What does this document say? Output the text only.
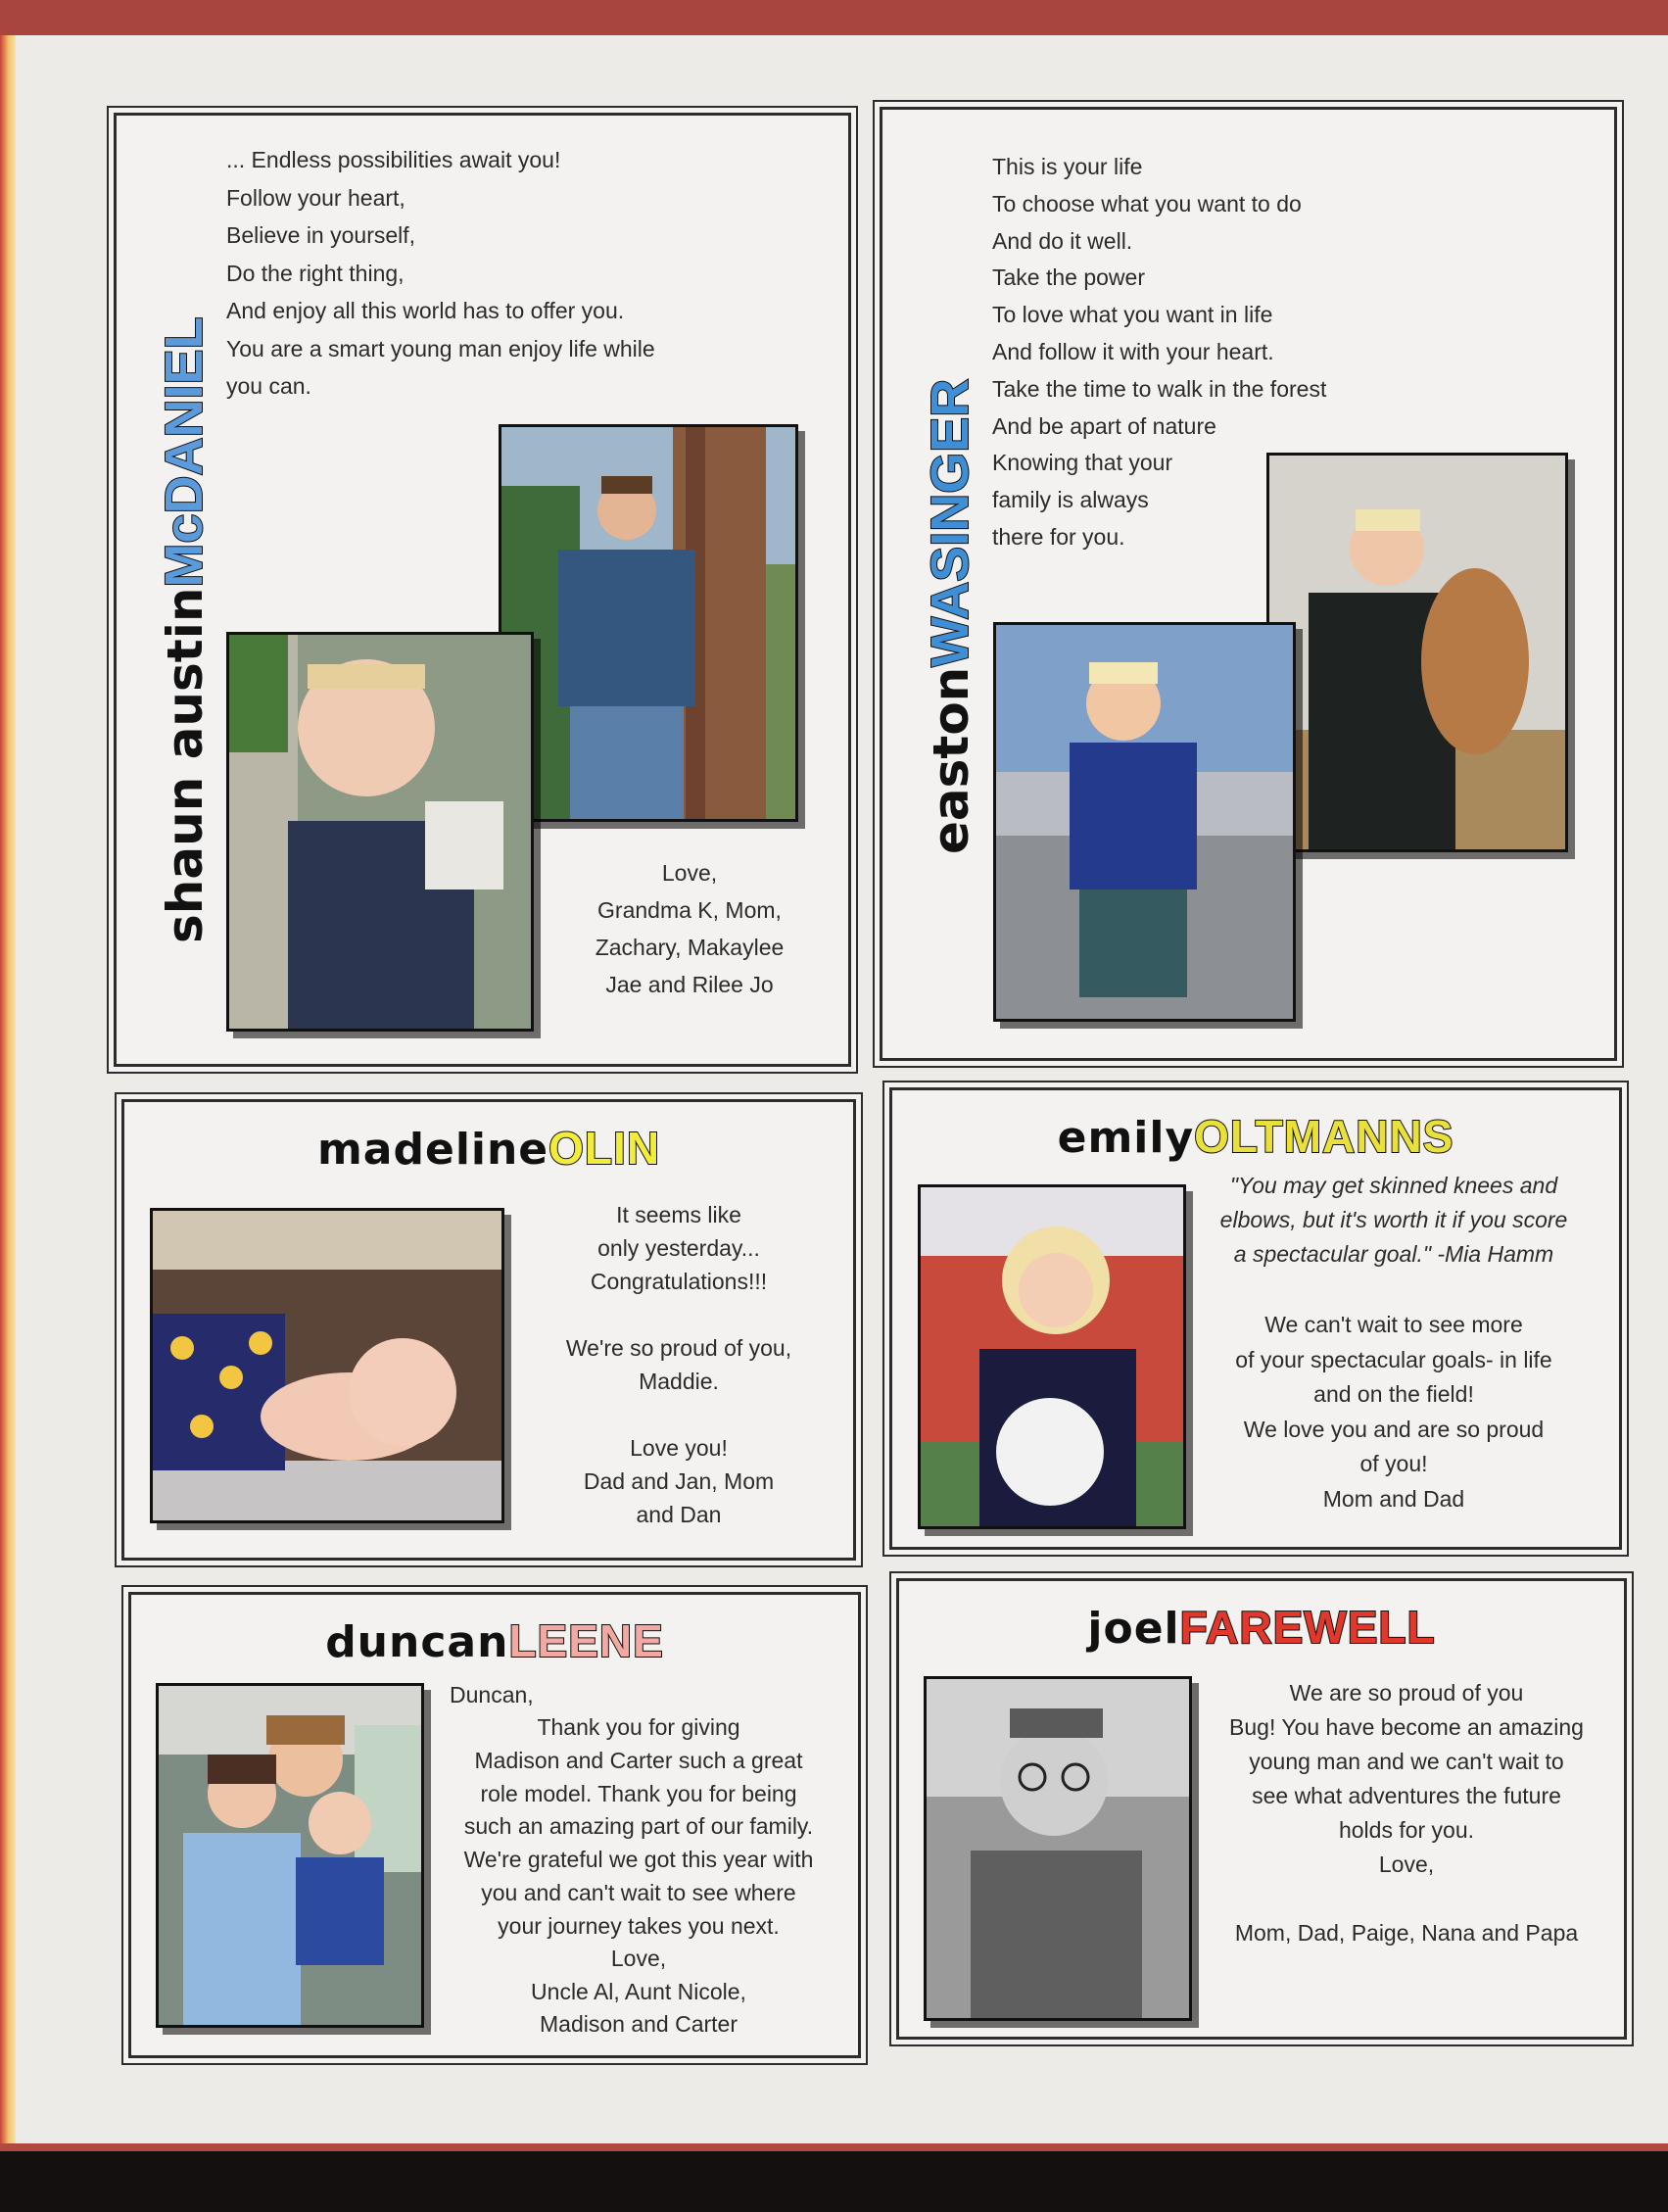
shaun austinMcDANIEL
... Endless possibilities await you!
Follow your heart,
Believe in yourself,
Do the right thing,
And enjoy all this world has to offer you.
You are a smart young man enjoy life while
you can.
Love,
Grandma K, Mom,
Zachary, Makaylee
Jae and Rilee Jo
eastonWASINGER
This is your life
To choose what you want to do
And do it well.
Take the power
To love what you want in life
And follow it with your heart.
Take the time to walk in the forest
And be apart of nature
Knowing that your
family is always
there for you.
madelineOLIN
It seems like
only yesterday...
Congratulations!!!

We're so proud of you,
Maddie.

Love you!
Dad and Jan, Mom
and Dan
emilyOLTMANNS
"You may get skinned knees and
elbows, but it's worth it if you score
a spectacular goal." -Mia Hamm
We can't wait to see more
of your spectacular goals- in life
and on the field!
We love you and are so proud
of you!
Mom and Dad
duncanLEENE
Duncan,
Thank you for giving
Madison and Carter such a great
role model. Thank you for being
such an amazing part of our family.
We're grateful we got this year with
you and can't wait to see where
your journey takes you next.
Love,
Uncle Al, Aunt Nicole,
Madison and Carter
joelFAREWELL
We are so proud of you
Bug! You have become an amazing
young man and we can't wait to
see what adventures the future
holds for you.
Love,

Mom, Dad, Paige, Nana and Papa
